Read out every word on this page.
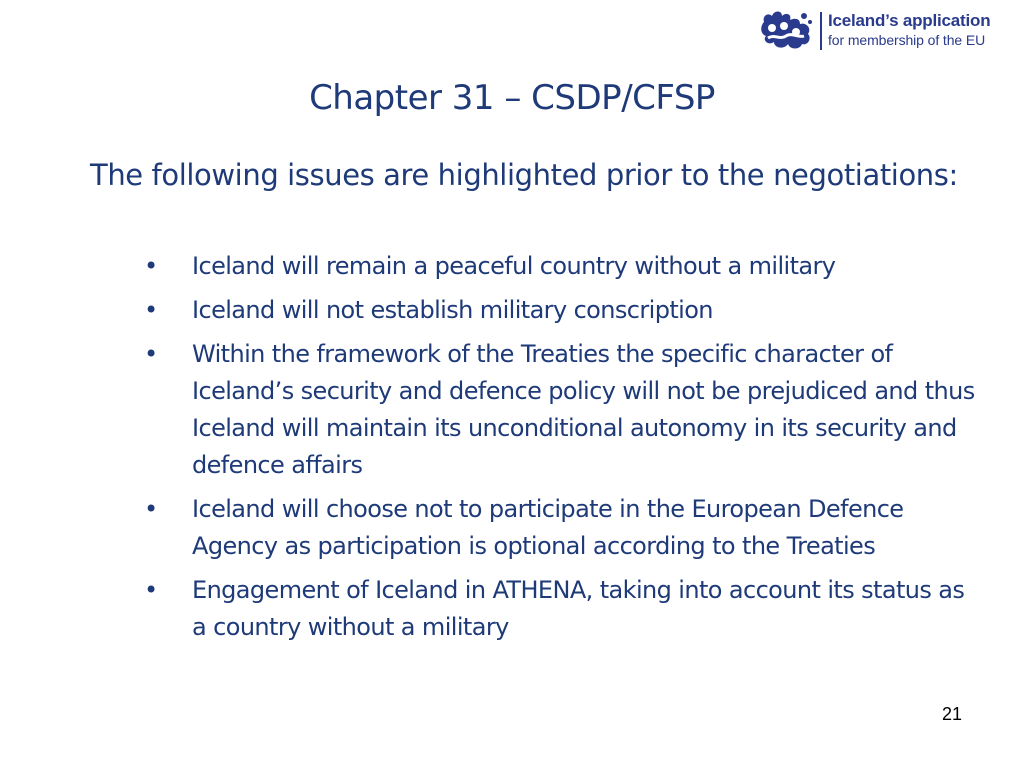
Iceland’s application
for membership of the EU
Chapter 31 – CSDP/CFSP
The following issues are highlighted prior to the negotiations:
• Iceland will remain a peaceful country without a military
• Iceland will not establish military conscription
• Within the framework of the Treaties the specific character of Iceland’s security and defence policy will not be prejudiced and thus Iceland will maintain its unconditional autonomy in its security and defence affairs
• Iceland will choose not to participate in the European Defence Agency as participation is optional according to the Treaties
• Engagement of Iceland in ATHENA, taking into account its status as a country without a military
21
